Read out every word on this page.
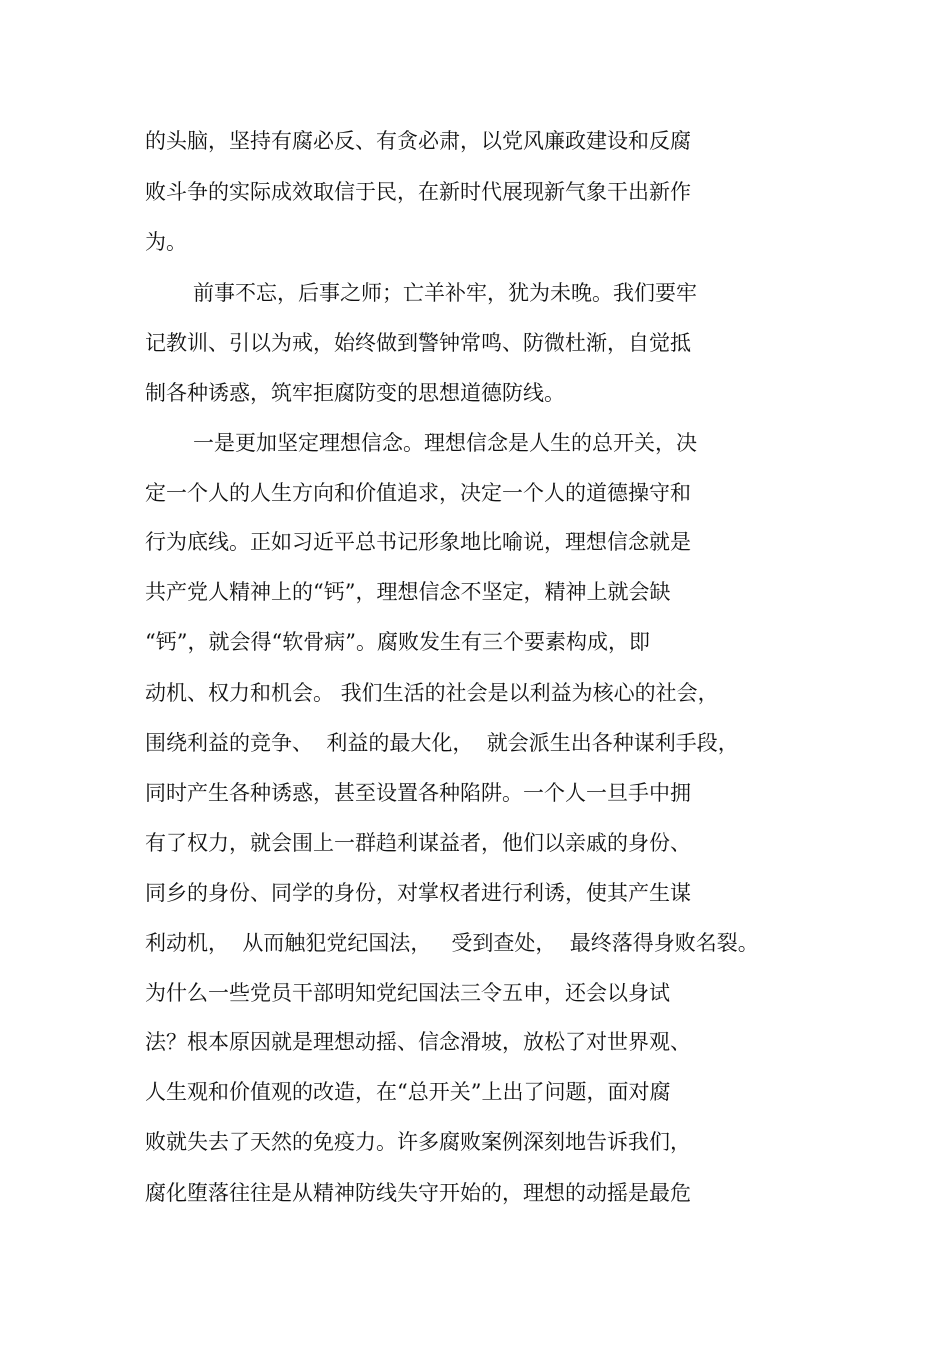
的头脑，坚持有腐必反、有贪必肃，以党风廉政建设和反腐

败斗争的实际成效取信于民，在新时代展现新气象干出新作

为。

前事不忘，后事之师；亡羊补牢，犹为未晚。我们要牢

记教训、引以为戒，始终做到警钟常鸣、防微杜渐，自觉抵

制各种诱惑，筑牢拒腐防变的思想道德防线。

一是更加坚定理想信念。理想信念是人生的总开关，决

定一个人的人生方向和价值追求，决定一个人的道德操守和

行为底线。正如习近平总书记形象地比喻说，理想信念就是

共产党人精神上的“钙”，理想信念不坚定，精神上就会缺

“钙”，就会得“软骨病”。腐败发生有三个要素构成，即

动机、权力和机会。 我们生活的社会是以利益为核心的社会，

围绕利益的竞争、  利益的最大化，  就会派生出各种谋利手段，

同时产生各种诱惑，甚至设置各种陷阱。一个人一旦手中拥

有了权力，就会围上一群趋利谋益者，他们以亲戚的身份、

同乡的身份、同学的身份，对掌权者进行利诱，使其产生谋

利动机，  从而触犯党纪国法，   受到查处，  最终落得身败名裂。

为什么一些党员干部明知党纪国法三令五申，还会以身试

法？根本原因就是理想动摇、信念滑坡，放松了对世界观、

人生观和价值观的改造，在“总开关”上出了问题，面对腐

败就失去了天然的免疫力。许多腐败案例深刻地告诉我们，

腐化堕落往往是从精神防线失守开始的，理想的动摇是最危
